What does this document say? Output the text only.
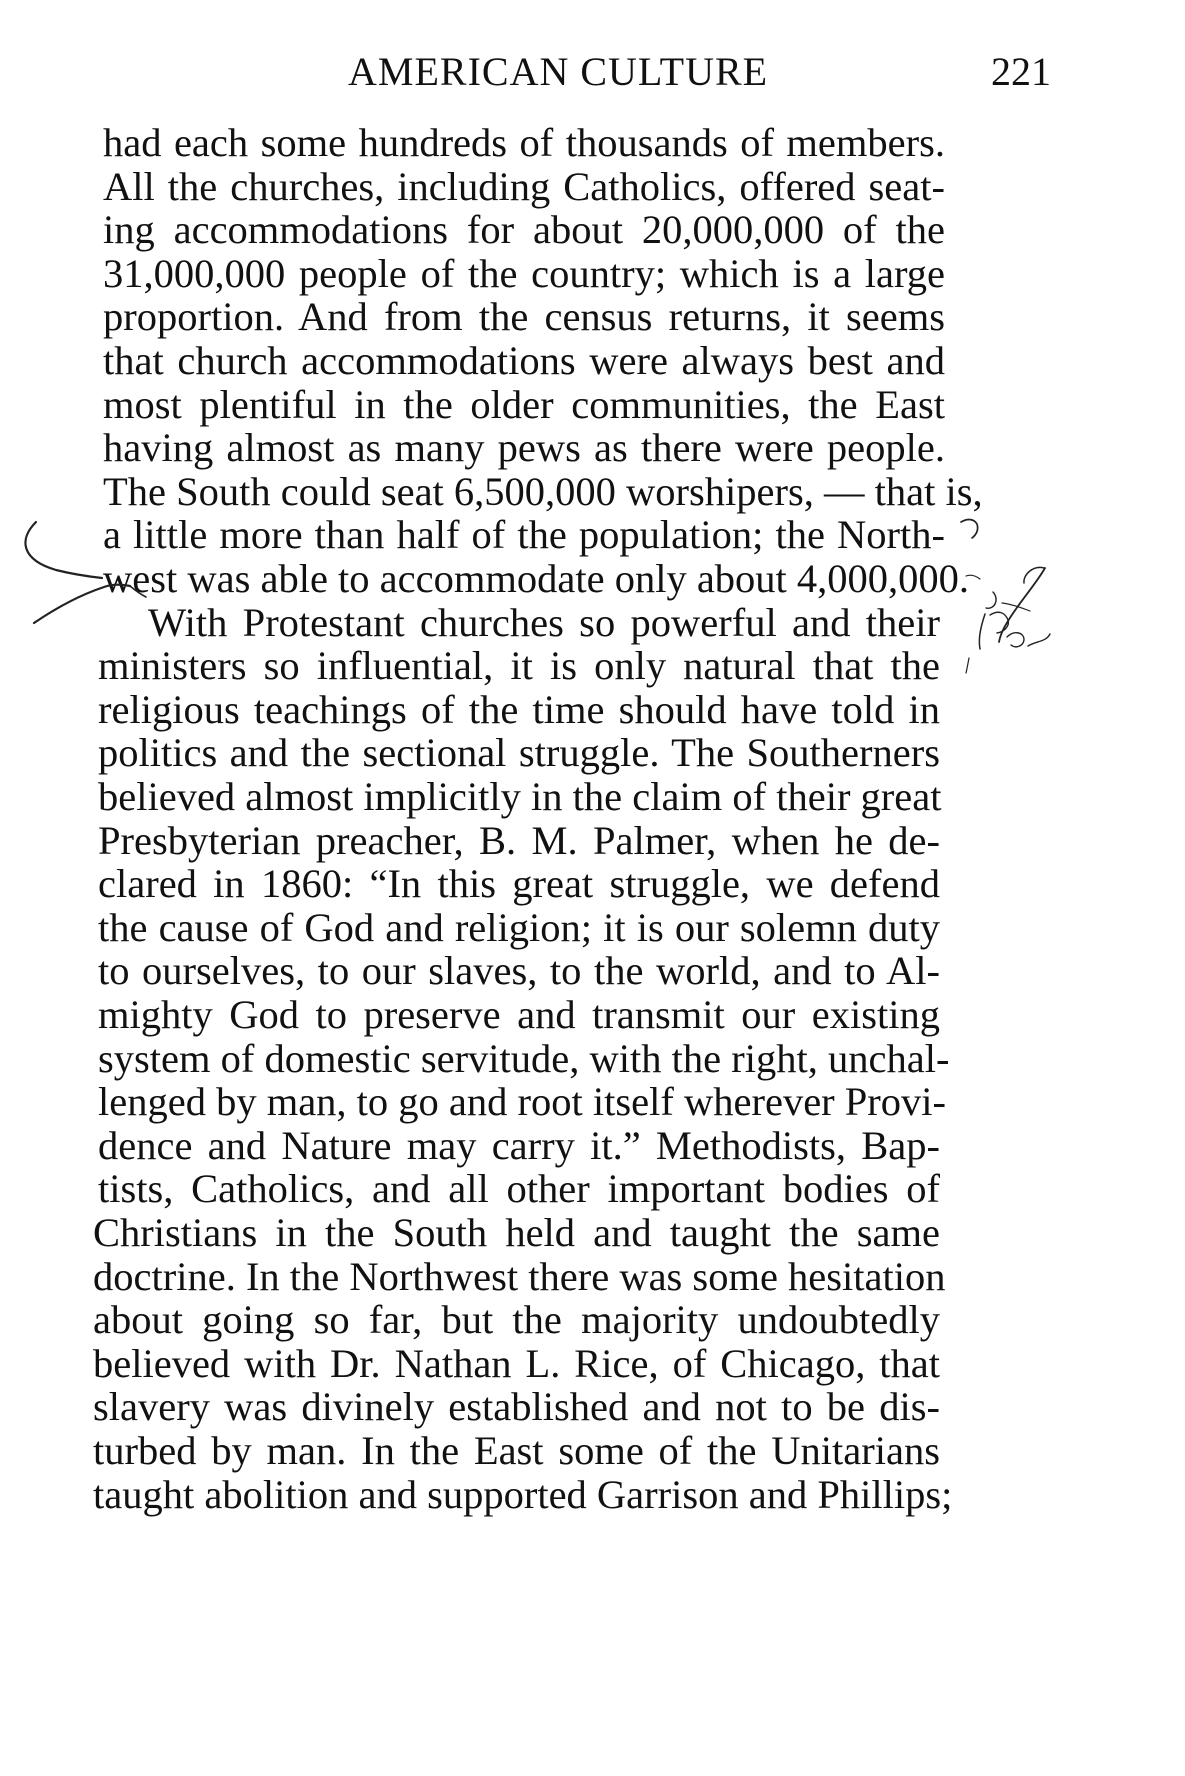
AMERICAN CULTURE	221
had each some hundreds of thousands of members.
All the churches, including Catholics, offered seat-
ing accommodations for about 20,000,000 of the
31,000,000 people of the country; which is a large
proportion. And from the census returns, it seems
that church accommodations were always best and
most plentiful in the older communities, the East
having almost as many pews as there were people.
The South could seat 6,500,000 worshipers, — that is,
a little more than half of the population; the North-
west was able to accommodate only about 4,000,000.
With Protestant churches so powerful and their
ministers so influential, it is only natural that the
religious teachings of the time should have told in
politics and the sectional struggle. The Southerners
believed almost implicitly in the claim of their great
Presbyterian preacher, B. M. Palmer, when he de-
clared in 1860: “In this great struggle, we defend
the cause of God and religion; it is our solemn duty
to ourselves, to our slaves, to the world, and to Al-
mighty God to preserve and transmit our existing
system of domestic servitude, with the right, unchal-
lenged by man, to go and root itself wherever Provi-
dence and Nature may carry it.” Methodists, Bap-
tists, Catholics, and all other important bodies of
Christians in the South held and taught the same
doctrine. In the Northwest there was some hesitation
about going so far, but the majority undoubtedly
believed with Dr. Nathan L. Rice, of Chicago, that
slavery was divinely established and not to be dis-
turbed by man. In the East some of the Unitarians
taught abolition and supported Garrison and Phillips;
